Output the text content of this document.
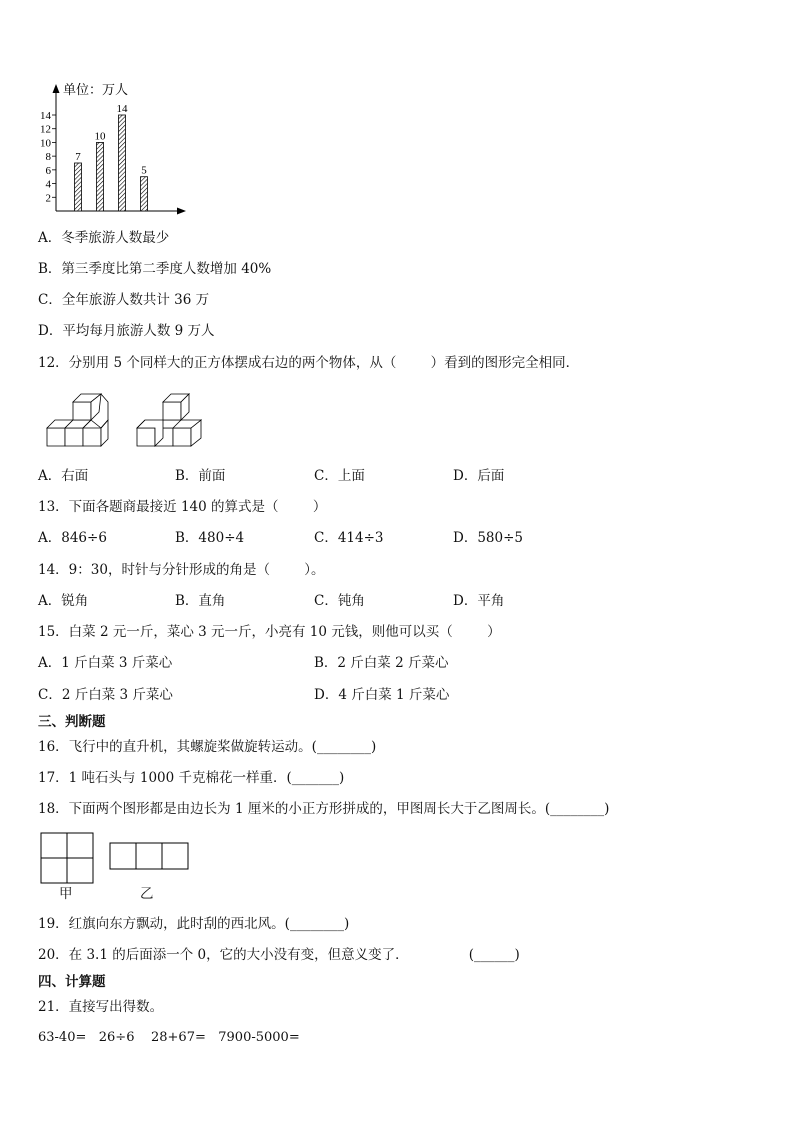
单位：万人
2
4
6
8
10
12
14
7
10
14
5
A．冬季旅游人数最少
B．第三季度比第二季度人数增加 40%
C．全年旅游人数共计 36 万
D．平均每月旅游人数 9 万人
12．分别用 5 个同样大的正方体摆成右边的两个物体，从（        ）看到的图形完全相同．
A．右面	B．前面	C．上面	D．后面
13．下面各题商最接近 140 的算式是（        ）
A．846÷6	B．480÷4	C．414÷3	D．580÷5
14．9：30，时针与分针形成的角是（        ）。
A．锐角	B．直角	C．钝角	D．平角
15．白菜 2 元一斤，菜心 3 元一斤，小亮有 10 元钱，则他可以买（        ）
A．1 斤白菜 3 斤菜心	B．2 斤白菜 2 斤菜心
C．2 斤白菜 3 斤菜心	D．4 斤白菜 1 斤菜心
三、判断题
16．飞行中的直升机，其螺旋桨做旋转运动。(________)
17．1 吨石头与 1000 千克棉花一样重．(_______)
18．下面两个图形都是由边长为 1 厘米的小正方形拼成的，甲图周长大于乙图周长。(________)
甲	乙
19．红旗向东方飘动，此时刮的西北风。(________)
20．在 3.1 的后面添一个 0，它的大小没有变，但意义变了．              (______)
四、计算题
21．直接写出得数。
63-40=   26÷6    28+67=   7900-5000=
